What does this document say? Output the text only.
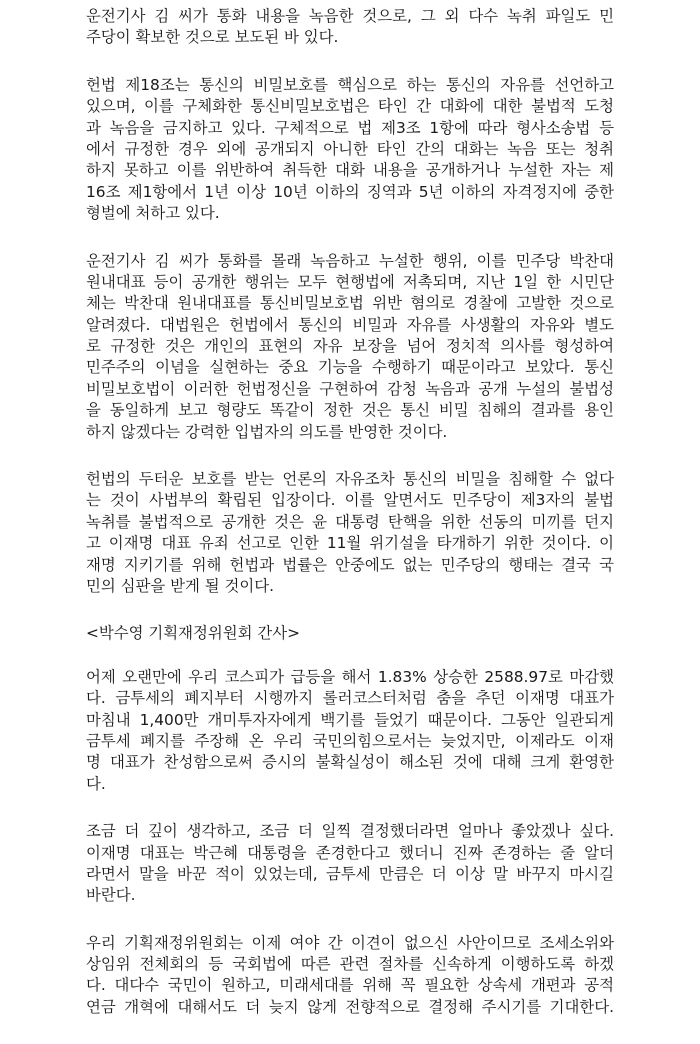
운전기사 김 씨가 통화 내용을 녹음한 것으로, 그 외 다수 녹취 파일도 민
주당이 확보한 것으로 보도된 바 있다.
헌법 제18조는 통신의 비밀보호를 핵심으로 하는 통신의 자유를 선언하고
있으며, 이를 구체화한 통신비밀보호법은 타인 간 대화에 대한 불법적 도청
과 녹음을 금지하고 있다. 구체적으로 법 제3조 1항에 따라 형사소송법 등
에서 규정한 경우 외에 공개되지 아니한 타인 간의 대화는 녹음 또는 청취
하지 못하고 이를 위반하여 취득한 대화 내용을 공개하거나 누설한 자는 제
16조 제1항에서 1년 이상 10년 이하의 징역과 5년 이하의 자격정지에 중한
형벌에 처하고 있다.
운전기사 김 씨가 통화를 몰래 녹음하고 누설한 행위, 이를 민주당 박찬대
원내대표 등이 공개한 행위는 모두 현행법에 저촉되며, 지난 1일 한 시민단
체는 박찬대 원내대표를 통신비밀보호법 위반 혐의로 경찰에 고발한 것으로
알려졌다. 대법원은 헌법에서 통신의 비밀과 자유를 사생활의 자유와 별도
로 규정한 것은 개인의 표현의 자유 보장을 넘어 정치적 의사를 형성하여
민주주의 이념을 실현하는 중요 기능을 수행하기 때문이라고 보았다. 통신
비밀보호법이 이러한 헌법정신을 구현하여 감청 녹음과 공개 누설의 불법성
을 동일하게 보고 형량도 똑같이 정한 것은 통신 비밀 침해의 결과를 용인
하지 않겠다는 강력한 입법자의 의도를 반영한 것이다.
헌법의 두터운 보호를 받는 언론의 자유조차 통신의 비밀을 침해할 수 없다
는 것이 사법부의 확립된 입장이다. 이를 알면서도 민주당이 제3자의 불법
녹취를 불법적으로 공개한 것은 윤 대통령 탄핵을 위한 선동의 미끼를 던지
고 이재명 대표 유죄 선고로 인한 11월 위기설을 타개하기 위한 것이다. 이
재명 지키기를 위해 헌법과 법률은 안중에도 없는 민주당의 행태는 결국 국
민의 심판을 받게 될 것이다.
<박수영 기획재정위원회 간사>
어제 오랜만에 우리 코스피가 급등을 해서 1.83% 상승한 2588.97로 마감했
다. 금투세의 폐지부터 시행까지 롤러코스터처럼 춤을 추던 이재명 대표가
마침내 1,400만 개미투자자에게 백기를 들었기 때문이다. 그동안 일관되게
금투세 폐지를 주장해 온 우리 국민의힘으로서는 늦었지만, 이제라도 이재
명 대표가 찬성함으로써 증시의 불확실성이 해소된 것에 대해 크게 환영한
다.
조금 더 깊이 생각하고, 조금 더 일찍 결정했더라면 얼마나 좋았겠나 싶다.
이재명 대표는 박근혜 대통령을 존경한다고 했더니 진짜 존경하는 줄 알더
라면서 말을 바꾼 적이 있었는데, 금투세 만큼은 더 이상 말 바꾸지 마시길
바란다.
우리 기획재정위원회는 이제 여야 간 이견이 없으신 사안이므로 조세소위와
상임위 전체회의 등 국회법에 따른 관련 절차를 신속하게 이행하도록 하겠
다. 대다수 국민이 원하고, 미래세대를 위해 꼭 필요한 상속세 개편과 공적
연금 개혁에 대해서도 더 늦지 않게 전향적으로 결정해 주시기를 기대한다.
